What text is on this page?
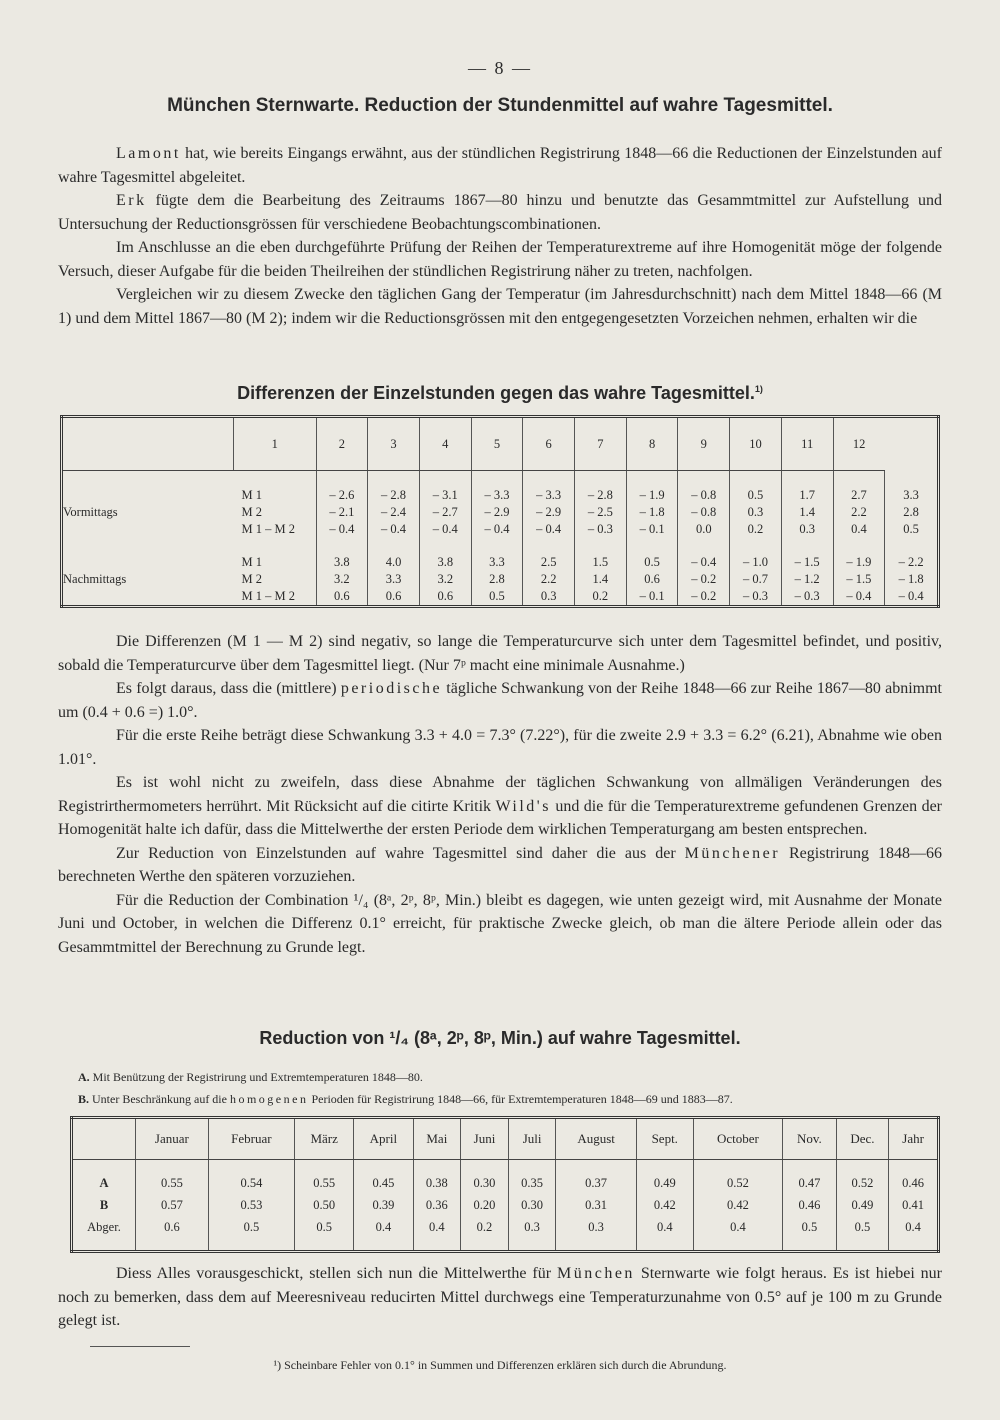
— 8 —
München Sternwarte. Reduction der Stundenmittel auf wahre Tagesmittel.

Lamont hat, wie bereits Eingangs erwähnt, aus der stündlichen Registrirung 1848—66 die Reductionen der Einzelstunden auf wahre Tagesmittel abgeleitet.

Erk fügte dem die Bearbeitung des Zeitraums 1867—80 hinzu und benutzte das Gesammtmittel zur Aufstellung und Untersuchung der Reductionsgrössen für verschiedene Beobachtungscombinationen.

Im Anschlusse an die eben durchgeführte Prüfung der Reihen der Temperaturextreme auf ihre Homogenität möge der folgende Versuch, dieser Aufgabe für die beiden Theilreihen der stündlichen Registrirung näher zu treten, nachfolgen.

Vergleichen wir zu diesem Zwecke den täglichen Gang der Temperatur (im Jahresdurchschnitt) nach dem Mittel 1848—66 (M 1) und dem Mittel 1867—80 (M 2); indem wir die Reductionsgrössen mit den entgegengesetzten Vorzeichen nehmen, erhalten wir die

Differenzen der Einzelstunden gegen das wahre Tagesmittel.$^{1)}$
	1	2	3	4	5	6	7	8	9	10	11	12	
	M 1	– 2.6	– 2.8	– 3.1	– 3.3	– 3.3	– 2.8	– 1.9	– 0.8	0.5	1.7	2.7	3.3
Vormittags	M 2	– 2.1	– 2.4	– 2.7	– 2.9	– 2.9	– 2.5	– 1.8	– 0.8	0.3	1.4	2.2	2.8
	M 1 – M 2	– 0.4	– 0.4	– 0.4	– 0.4	– 0.4	– 0.3	– 0.1	0.0	0.2	0.3	0.4	0.5
	M 1	3.8	4.0	3.8	3.3	2.5	1.5	0.5	– 0.4	– 1.0	– 1.5	– 1.9	– 2.2
Nachmittags	M 2	3.2	3.3	3.2	2.8	2.2	1.4	0.6	– 0.2	– 0.7	– 1.2	– 1.5	– 1.8
	M 1 – M 2	0.6	0.6	0.6	0.5	0.3	0.2	– 0.1	– 0.2	– 0.3	– 0.3	– 0.4	– 0.4

Die Differenzen (M 1 — M 2) sind negativ, so lange die Temperaturcurve sich unter dem Tagesmittel befindet, und positiv, sobald die Temperaturcurve über dem Tagesmittel liegt. (Nur 7ᵖ macht eine minimale Ausnahme.)

Es folgt daraus, dass die (mittlere) periodische tägliche Schwankung von der Reihe 1848—66 zur Reihe 1867—80 abnimmt um (0.4 + 0.6 =) 1.0°.

Für die erste Reihe beträgt diese Schwankung 3.3 + 4.0 = 7.3° (7.22°), für die zweite 2.9 + 3.3 = 6.2° (6.21), Abnahme wie oben 1.01°.

Es ist wohl nicht zu zweifeln, dass diese Abnahme der täglichen Schwankung von allmäligen Veränderungen des Registrirthermometers herrührt. Mit Rücksicht auf die citirte Kritik Wild's und die für die Temperaturextreme gefundenen Grenzen der Homogenität halte ich dafür, dass die Mittelwerthe der ersten Periode dem wirklichen Temperaturgang am besten entsprechen.

Zur Reduction von Einzelstunden auf wahre Tagesmittel sind daher die aus der Münchener Registrirung 1848—66 berechneten Werthe den späteren vorzuziehen.

Für die Reduction der Combination ¹/₄ (8ᵃ, 2ᵖ, 8ᵖ, Min.) bleibt es dagegen, wie unten gezeigt wird, mit Ausnahme der Monate Juni und October, in welchen die Differenz 0.1° erreicht, für praktische Zwecke gleich, ob man die ältere Periode allein oder das Gesammtmittel der Berechnung zu Grunde legt.

Reduction von ¹/₄ (8ᵃ, 2ᵖ, 8ᵖ, Min.) auf wahre Tagesmittel.
A. Mit Benützung der Registrirung und Extremtemperaturen 1848—80.
B. Unter Beschränkung auf die homogenen Perioden für Registrirung 1848—66, für Extremtemperaturen 1848—69 und 1883—87.
	Januar	Februar	März	April	Mai	Juni	Juli	August	Sept.	October	Nov.	Dec.	Jahr
A	0.55	0.54	0.55	0.45	0.38	0.30	0.35	0.37	0.49	0.52	0.47	0.52	0.46
B	0.57	0.53	0.50	0.39	0.36	0.20	0.30	0.31	0.42	0.42	0.46	0.49	0.41
Abger.	0.6	0.5	0.5	0.4	0.4	0.2	0.3	0.3	0.4	0.4	0.5	0.5	0.4

Diess Alles vorausgeschickt, stellen sich nun die Mittelwerthe für München Sternwarte wie folgt heraus. Es ist hiebei nur noch zu bemerken, dass dem auf Meeresniveau reducirten Mittel durchwegs eine Temperaturzunahme von 0.5° auf je 100 m zu Grunde gelegt ist.

¹) Scheinbare Fehler von 0.1° in Summen und Differenzen erklären sich durch die Abrundung.
